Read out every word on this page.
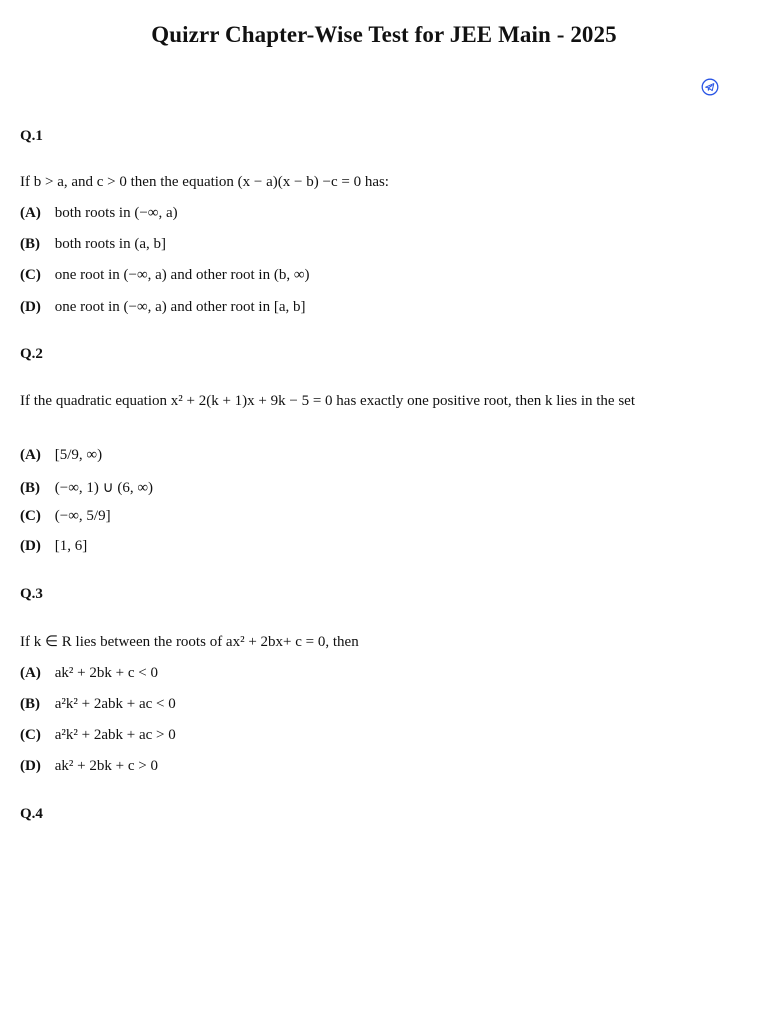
Quizrr Chapter-Wise Test for JEE Main - 2025
Q.1
If b > a, and c > 0 then the equation (x − a)(x − b) −c = 0 has:
(A) both roots in (−∞, a)
(B) both roots in (a, b]
(C) one root in (−∞, a) and other root in (b, ∞)
(D) one root in (−∞, a) and other root in [a, b]
Q.2
If the quadratic equation x² + 2(k + 1)x + 9k − 5 = 0 has exactly one positive root, then k lies in the set
(A) [5/9, ∞)
(B) (−∞, 1) ∪ (6, ∞)
(C) (−∞, 5/9]
(D) [1, 6]
Q.3
If k ∈ R lies between the roots of ax² + 2bx+ c = 0, then
(A) ak² + 2bk + c < 0
(B) a²k² + 2abk + ac < 0
(C) a²k² + 2abk + ac > 0
(D) ak² + 2bk + c > 0
Q.4
